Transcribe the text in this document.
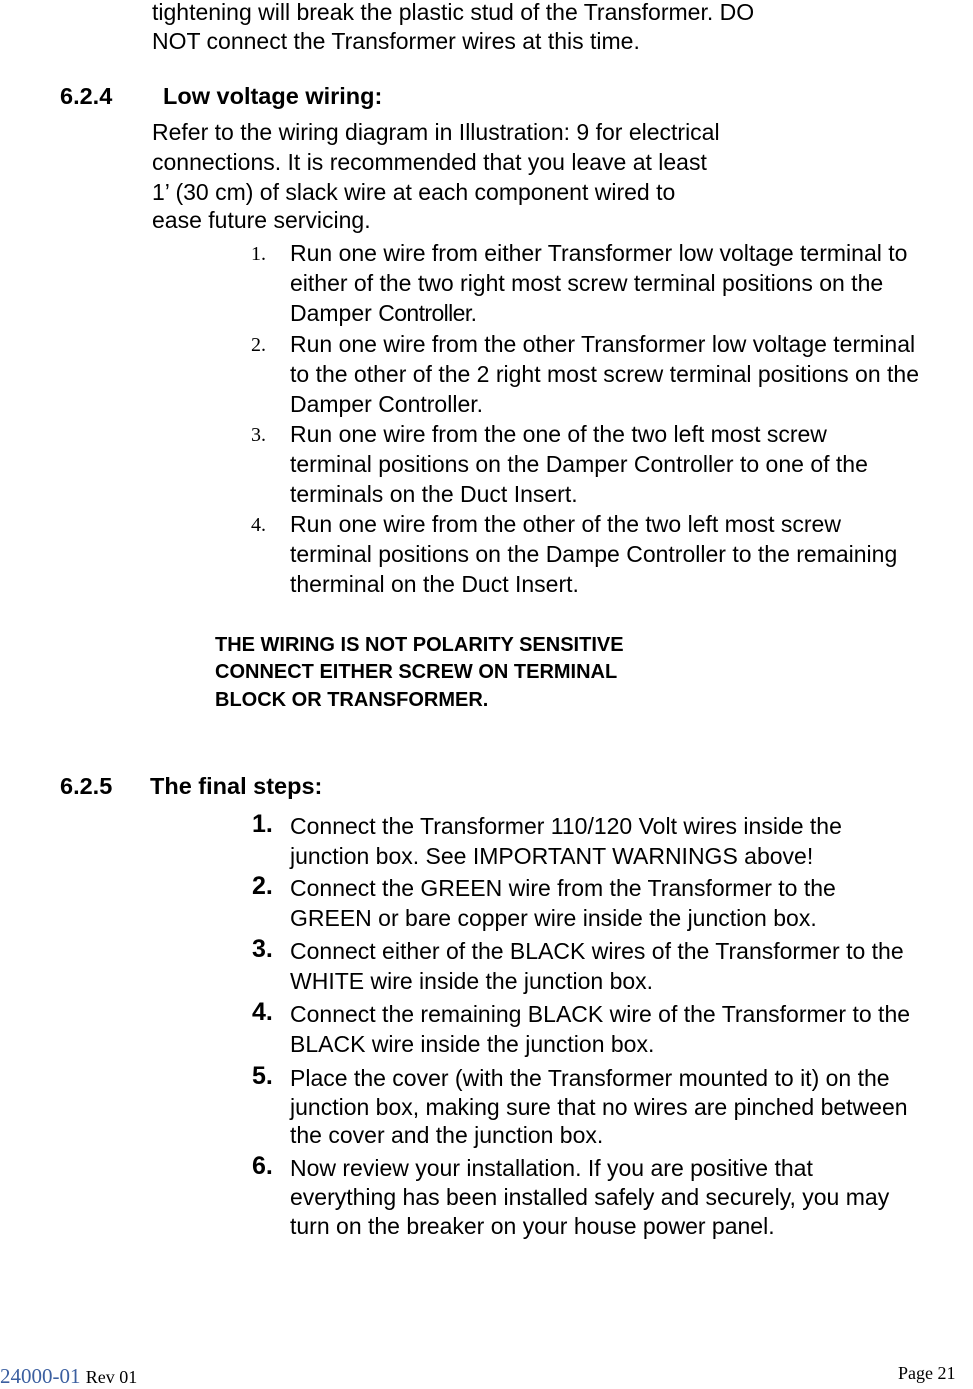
tightening will break the plastic stud of the Transformer. DO
NOT connect the Transformer wires at this time.
6.2.4 Low voltage wiring:
Refer to the wiring diagram in Illustration: 9 for electrical
connections. It is recommended that you leave at least
1’ (30 cm) of slack wire at each component wired to
ease future servicing.
1. Run one wire from either Transformer low voltage terminal to
either of the two right most screw terminal positions on the
Damper Controller.
2. Run one wire from the other Transformer low voltage terminal
to the other of the 2 right most screw terminal positions on the
Damper Controller.
3. Run one wire from the one of the two left most screw
terminal positions on the Damper Controller to one of the
terminals on the Duct Insert.
4. Run one wire from the other of the two left most screw
terminal positions on the Dampe Controller to the remaining
therminal on the Duct Insert.
THE WIRING IS NOT POLARITY SENSITIVE
CONNECT EITHER SCREW ON TERMINAL
BLOCK OR TRANSFORMER.
6.2.5 The final steps:
1. Connect the Transformer 110/120 Volt wires inside the
junction box. See IMPORTANT WARNINGS above!
2. Connect the GREEN wire from the Transformer to the
GREEN or bare copper wire inside the junction box.
3. Connect either of the BLACK wires of the Transformer to the
WHITE wire inside the junction box.
4. Connect the remaining BLACK wire of the Transformer to the
BLACK wire inside the junction box.
5. Place the cover (with the Transformer mounted to it) on the
junction box, making sure that no wires are pinched between
the cover and the junction box.
6. Now review your installation. If you are positive that
everything has been installed safely and securely, you may
turn on the breaker on your house power panel.
24000-01 Rev 01	Page 21
